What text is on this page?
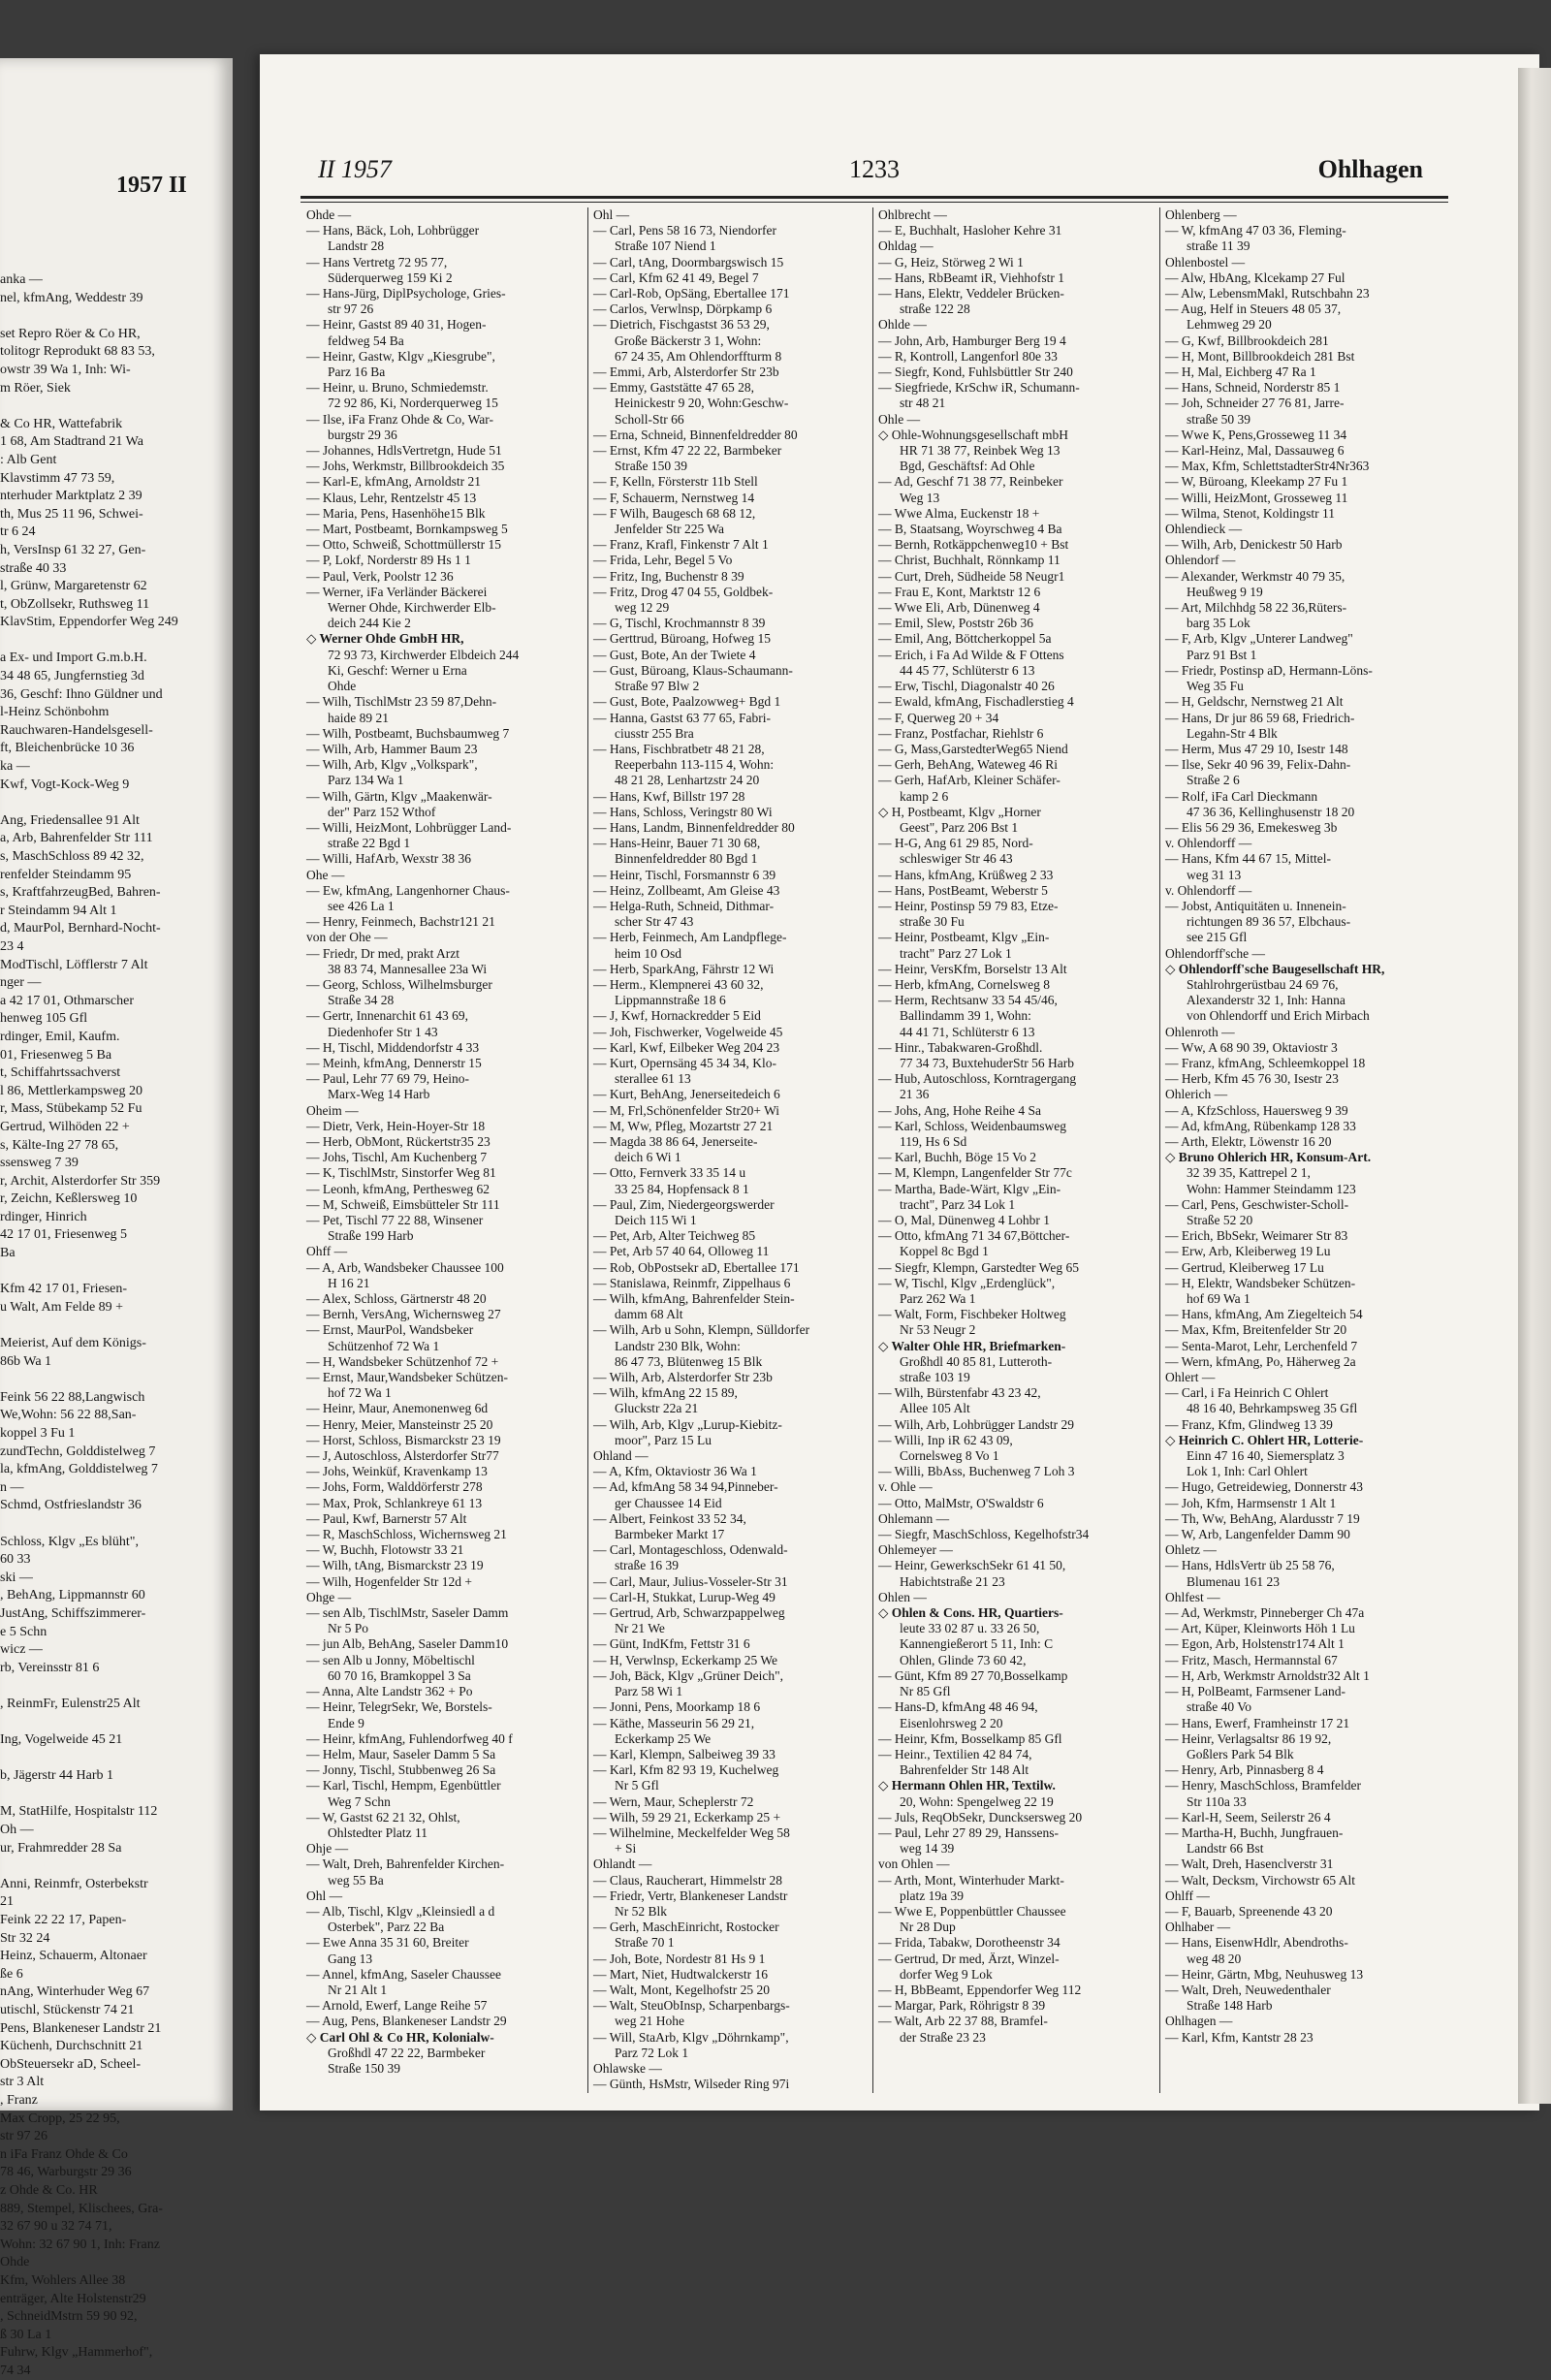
1957 II
anka —
nel, kfmAng, Weddestr 39

set Repro Röer & Co HR,
tolitogr Reprodukt 68 83 53,
owstr 39 Wa 1, Inh: Wi-
m Röer, Siek

& Co HR, Wattefabrik
1 68, Am Stadtrand 21 Wa
: Alb Gent
Klavstimm 47 73 59,
nterhuder Marktplatz 2 39
th, Mus 25 11 96, Schwei-
tr 6 24
h, VersInsp 61 32 27, Gen-
straße 40 33
l, Grünw, Margaretenstr 62
t, ObZollsekr, Ruthsweg 11
KlavStim, Eppendorfer Weg 249

a Ex- und Import G.m.b.H.
34 48 65, Jungfernstieg 3d
36, Geschf: Ihno Güldner und
l-Heinz Schönbohm
Rauchwaren-Handelsgesell-
ft, Bleichenbrücke 10 36
ka —
Kwf, Vogt-Kock-Weg 9

Ang, Friedensallee 91 Alt
a, Arb, Bahrenfelder Str 111
s, MaschSchloss 89 42 32,
renfelder Steindamm 95
s, KraftfahrzeugBed, Bahren-
r Steindamm 94 Alt 1
d, MaurPol, Bernhard-Nocht-
23 4
ModTischl, Löfflerstr 7 Alt
nger —
a 42 17 01, Othmarscher
henweg 105 Gfl
rdinger, Emil, Kaufm.
01, Friesenweg 5 Ba
t, Schiffahrtssachverst
l 86, Mettlerkampsweg 20
r, Mass, Stübekamp 52 Fu
Gertrud, Wilhöden 22 +
s, Kälte-Ing 27 78 65,
ssensweg 7 39
r, Archit, Alsterdorfer Str 359
r, Zeichn, Keßlersweg 10
rdinger, Hinrich
42 17 01, Friesenweg 5
Ba

Kfm 42 17 01, Friesen-
u Walt, Am Felde 89 +

Meierist, Auf dem Königs-
86b Wa 1

Feink 56 22 88,Langwisch
We,Wohn: 56 22 88,San-
koppel 3 Fu 1
zundTechn, Golddistelweg 7
la, kfmAng, Golddistelweg 7
n —
Schmd, Ostfrieslandstr 36

Schloss, Klgv „Es blüht",
60 33
ski —
, BehAng, Lippmannstr 60
JustAng, Schiffszimmerer-
e 5 Schn
wicz —
rb, Vereinsstr 81 6

, ReinmFr, Eulenstr25 Alt

Ing, Vogelweide 45 21

b, Jägerstr 44 Harb 1

M, StatHilfe, Hospitalstr 112
Oh —
ur, Frahmredder 28 Sa

Anni, Reinmfr, Osterbekstr
21
Feink 22 22 17, Papen-
Str 32 24
Heinz, Schauerm, Altonaer
ße 6
nAng, Winterhuder Weg 67
utischl, Stückenstr 74 21
Pens, Blankeneser Landstr 21
Küchenh, Durchschnitt 21
ObSteuersekr aD, Scheel-
str 3 Alt
, Franz
Max Cropp, 25 22 95,
str 97 26
n iFa Franz Ohde & Co
78 46, Warburgstr 29 36
z Ohde & Co. HR
889, Stempel, Klischees, Gra-
32 67 90 u 32 74 71,
Wohn: 32 67 90 1, Inh: Franz
Ohde
Kfm, Wohlers Allee 38
enträger, Alte Holstenstr29
, SchneidMstrn 59 90 92,
ß 30 La 1
Fuhrw, Klgv „Hammerhof",
74 34
II 1957	1233	Ohlhagen
Ohde —
— Hans, Bäck, Loh, Lohbrügger
Landstr 28
— Hans Vertretg 72 95 77,
Süderquerweg 159 Ki 2
— Hans-Jürg, DiplPsychologe, Gries-
str 97 26
— Heinr, Gastst 89 40 31, Hogen-
feldweg 54 Ba
— Heinr, Gastw, Klgv „Kiesgrube",
Parz 16 Ba
— Heinr, u. Bruno, Schmiedemstr.
72 92 86, Ki, Norderquerweg 15
— Ilse, iFa Franz Ohde & Co, War-
burgstr 29 36
— Johannes, HdlsVertretgn, Hude 51
— Johs, Werkmstr, Billbrookdeich 35
— Karl-E, kfmAng, Arnoldstr 21
— Klaus, Lehr, Rentzelstr 45 13
— Maria, Pens, Hasenhöhe15 Blk
— Mart, Postbeamt, Bornkampsweg 5
— Otto, Schweiß, Schottmüllerstr 15
— P, Lokf, Norderstr 89 Hs 1 1
— Paul, Verk, Poolstr 12 36
— Werner, iFa Verländer Bäckerei
Werner Ohde, Kirchwerder Elb-
deich 244 Kie 2
◇ Werner Ohde GmbH HR,
72 93 73, Kirchwerder Elbdeich 244
Ki, Geschf: Werner u Erna
Ohde
— Wilh, TischlMstr 23 59 87,Dehn-
haide 89 21
— Wilh, Postbeamt, Buchsbaumweg 7
— Wilh, Arb, Hammer Baum 23
— Wilh, Arb, Klgv „Volkspark",
Parz 134 Wa 1
— Wilh, Gärtn, Klgv „Maakenwär-
der" Parz 152 Wthof
— Willi, HeizMont, Lohbrügger Land-
straße 22 Bgd 1
— Willi, HafArb, Wexstr 38 36
Ohe —
— Ew, kfmAng, Langenhorner Chaus-
see 426 La 1
— Henry, Feinmech, Bachstr121 21
von der Ohe —
— Friedr, Dr med, prakt Arzt
38 83 74, Mannesallee 23a Wi
— Georg, Schloss, Wilhelmsburger
Straße 34 28
— Gertr, Innenarchit 61 43 69,
Diedenhofer Str 1 43
— H, Tischl, Middendorfstr 4 33
— Meinh, kfmAng, Dennerstr 15
— Paul, Lehr 77 69 79, Heino-
Marx-Weg 14 Harb
Oheim —
— Dietr, Verk, Hein-Hoyer-Str 18
— Herb, ObMont, Rückertstr35 23
— Johs, Tischl, Am Kuchenberg 7
— K, TischlMstr, Sinstorfer Weg 81
— Leonh, kfmAng, Perthesweg 62
— M, Schweiß, Eimsbütteler Str 111
— Pet, Tischl 77 22 88, Winsener
Straße 199 Harb
Ohff —
— A, Arb, Wandsbeker Chaussee 100
H 16 21
— Alex, Schloss, Gärtnerstr 48 20
— Bernh, VersAng, Wichernsweg 27
— Ernst, MaurPol, Wandsbeker
Schützenhof 72 Wa 1
— H, Wandsbeker Schützenhof 72 +
— Ernst, Maur,Wandsbeker Schützen-
hof 72 Wa 1
— Heinr, Maur, Anemonenweg 6d
— Henry, Meier, Mansteinstr 25 20
— Horst, Schloss, Bismarckstr 23 19
— J, Autoschloss, Alsterdorfer Str77
— Johs, Weinküf, Kravenkamp 13
— Johs, Form, Walddörferstr 278
— Max, Prok, Schlankreye 61 13
— Paul, Kwf, Barnerstr 57 Alt
— R, MaschSchloss, Wichernsweg 21
— W, Buchh, Flotowstr 33 21
— Wilh, tAng, Bismarckstr 23 19
— Wilh, Hogenfelder Str 12d +
Ohge —
— sen Alb, TischlMstr, Saseler Damm
Nr 5 Po
— jun Alb, BehAng, Saseler Damm10
— sen Alb u Jonny, Möbeltischl
60 70 16, Bramkoppel 3 Sa
— Anna, Alte Landstr 362 + Po
— Heinr, TelegrSekr, We, Borstels-
Ende 9
— Heinr, kfmAng, Fuhlendorfweg 40 f
— Helm, Maur, Saseler Damm 5 Sa
— Jonny, Tischl, Stubbenweg 26 Sa
— Karl, Tischl, Hempm, Egenbüttler
Weg 7 Schn
— W, Gastst 62 21 32, Ohlst,
Ohlstedter Platz 11
Ohje —
— Walt, Dreh, Bahrenfelder Kirchen-
weg 55 Ba
Ohl —
— Alb, Tischl, Klgv „Kleinsiedl a d
Osterbek", Parz 22 Ba
— Ewe Anna 35 31 60, Breiter
Gang 13
— Annel, kfmAng, Saseler Chaussee
Nr 21 Alt 1
— Arnold, Ewerf, Lange Reihe 57
— Aug, Pens, Blankeneser Landstr 29
◇ Carl Ohl & Co HR, Kolonialw-
Großhdl 47 22 22, Barmbeker
Straße 150 39
Ohl —
— Carl, Pens 58 16 73, Niendorfer
Straße 107 Niend 1
— Carl, tAng, Doormbargswisch 15
— Carl, Kfm 62 41 49, Begel 7
— Carl-Rob, OpSäng, Ebertallee 171
— Carlos, Verwlnsp, Dörpkamp 6
— Dietrich, Fischgastst 36 53 29,
Große Bäckerstr 3 1, Wohn:
67 24 35, Am Ohlendorffturm 8
— Emmi, Arb, Alsterdorfer Str 23b
— Emmy, Gaststätte 47 65 28,
Heinickestr 9 20, Wohn:Geschw-
Scholl-Str 66
— Erna, Schneid, Binnenfeldredder 80
— Ernst, Kfm 47 22 22, Barmbeker
Straße 150 39
— F, Kelln, Försterstr 11b Stell
— F, Schauerm, Nernstweg 14
— F Wilh, Baugesch 68 68 12,
Jenfelder Str 225 Wa
— Franz, Krafl, Finkenstr 7 Alt 1
— Frida, Lehr, Begel 5 Vo
— Fritz, Ing, Buchenstr 8 39
— Fritz, Drog 47 04 55, Goldbek-
weg 12 29
— G, Tischl, Krochmannstr 8 39
— Gerttrud, Büroang, Hofweg 15
— Gust, Bote, An der Twiete 4
— Gust, Büroang, Klaus-Schaumann-
Straße 97 Blw 2
— Gust, Bote, Paalzowweg+ Bgd 1
— Hanna, Gastst 63 77 65, Fabri-
ciusstr 255 Bra
— Hans, Fischbratbetr 48 21 28,
Reeperbahn 113-115 4, Wohn:
48 21 28, Lenhartzstr 24 20
— Hans, Kwf, Billstr 197 28
— Hans, Schloss, Veringstr 80 Wi
— Hans, Landm, Binnenfeldredder 80
— Hans-Heinr, Bauer 71 30 68,
Binnenfeldredder 80 Bgd 1
— Heinr, Tischl, Forsmannstr 6 39
— Heinz, Zollbeamt, Am Gleise 43
— Helga-Ruth, Schneid, Dithmar-
scher Str 47 43
— Herb, Feinmech, Am Landpflege-
heim 10 Osd
— Herb, SparkAng, Fährstr 12 Wi
— Herm., Klempnerei 43 60 32,
Lippmannstraße 18 6
— J, Kwf, Hornackredder 5 Eid
— Joh, Fischwerker, Vogelweide 45
— Karl, Kwf, Eilbeker Weg 204 23
— Kurt, Opernsäng 45 34 34, Klo-
sterallee 61 13
— Kurt, BehAng, Jenerseitedeich 6
— M, Frl,Schönenfelder Str20+ Wi
— M, Ww, Pfleg, Mozartstr 27 21
— Magda 38 86 64, Jenerseite-
deich 6 Wi 1
— Otto, Fernverk 33 35 14 u
33 25 84, Hopfensack 8 1
— Paul, Zim, Niedergeorgswerder
Deich 115 Wi 1
— Pet, Arb, Alter Teichweg 85
— Pet, Arb 57 40 64, Olloweg 11
— Rob, ObPostsekr aD, Ebertallee 171
— Stanislawa, Reinmfr, Zippelhaus 6
— Wilh, kfmAng, Bahrenfelder Stein-
damm 68 Alt
— Wilh, Arb u Sohn, Klempn, Sülldorfer
Landstr 230 Blk, Wohn:
86 47 73, Blütenweg 15 Blk
— Wilh, Arb, Alsterdorfer Str 23b
— Wilh, kfmAng 22 15 89,
Gluckstr 22a 21
— Wilh, Arb, Klgv „Lurup-Kiebitz-
moor", Parz 15 Lu
Ohland —
— A, Kfm, Oktaviostr 36 Wa 1
— Ad, kfmAng 58 34 94,Pinneber-
ger Chaussee 14 Eid
— Albert, Feinkost 33 52 34,
Barmbeker Markt 17
— Carl, Montageschloss, Odenwald-
straße 16 39
— Carl, Maur, Julius-Vosseler-Str 31
— Carl-H, Stukkat, Lurup-Weg 49
— Gertrud, Arb, Schwarzpappelweg
Nr 21 We
— Günt, IndKfm, Fettstr 31 6
— H, Verwlnsp, Eckerkamp 25 We
— Joh, Bäck, Klgv „Grüner Deich",
Parz 58 Wi 1
— Jonni, Pens, Moorkamp 18 6
— Käthe, Masseurin 56 29 21,
Eckerkamp 25 We
— Karl, Klempn, Salbeiweg 39 33
— Karl, Kfm 82 93 19, Kuchelweg
Nr 5 Gfl
— Wern, Maur, Scheplerstr 72
— Wilh, 59 29 21, Eckerkamp 25 +
— Wilhelmine, Meckelfelder Weg 58
+ Si
Ohlandt —
— Claus, Raucherart, Himmelstr 28
— Friedr, Vertr, Blankeneser Landstr
Nr 52 Blk
— Gerh, MaschEinricht, Rostocker
Straße 70 1
— Joh, Bote, Nordestr 81 Hs 9 1
— Mart, Niet, Hudtwalckerstr 16
— Walt, Mont, Kegelhofstr 25 20
— Walt, SteuObInsp, Scharpenbargs-
weg 21 Hohe
— Will, StaArb, Klgv „Döhrnkamp",
Parz 72 Lok 1
Ohlawske —
— Günth, HsMstr, Wilseder Ring 97i
Ohlbrecht —
— E, Buchhalt, Hasloher Kehre 31
Ohldag —
— G, Heiz, Störweg 2 Wi 1
— Hans, RbBeamt iR, Viehhofstr 1
— Hans, Elektr, Veddeler Brücken-
straße 122 28
Ohlde —
— John, Arb, Hamburger Berg 19 4
— R, Kontroll, Langenforl 80e 33
— Siegfr, Kond, Fuhlsbüttler Str 240
— Siegfriede, KrSchw iR, Schumann-
str 48 21
Ohle —
◇ Ohle-Wohnungsgesellschaft mbH
HR 71 38 77, Reinbek Weg 13
Bgd, Geschäftsf: Ad Ohle
— Ad, Geschf 71 38 77, Reinbeker
Weg 13
— Wwe Alma, Euckenstr 18 +
— B, Staatsang, Woyrschweg 4 Ba
— Bernh, Rotkäppchenweg10 + Bst
— Christ, Buchhalt, Rönnkamp 11
— Curt, Dreh, Südheide 58 Neugr1
— Frau E, Kont, Marktstr 12 6
— Wwe Eli, Arb, Dünenweg 4
— Emil, Slew, Poststr 26b 36
— Emil, Ang, Böttcherkoppel 5a
— Erich, i Fa Ad Wilde & F Ottens
44 45 77, Schlüterstr 6 13
— Erw, Tischl, Diagonalstr 40 26
— Ewald, kfmAng, Fischadlerstieg 4
— F, Querweg 20 + 34
— Franz, Postfachar, Riehlstr 6
— G, Mass,GarstedterWeg65 Niend
— Gerh, BehAng, Wateweg 46 Ri
— Gerh, HafArb, Kleiner Schäfer-
kamp 2 6
◇ H, Postbeamt, Klgv „Horner
Geest", Parz 206 Bst 1
— H-G, Ang 61 29 85, Nord-
schleswiger Str 46 43
— Hans, kfmAng, Krüßweg 2 33
— Hans, PostBeamt, Weberstr 5
— Heinr, Postinsp 59 79 83, Etze-
straße 30 Fu
— Heinr, Postbeamt, Klgv „Ein-
tracht" Parz 27 Lok 1
— Heinr, VersKfm, Borselstr 13 Alt
— Herb, kfmAng, Cornelsweg 8
— Herm, Rechtsanw 33 54 45/46,
Ballindamm 39 1, Wohn:
44 41 71, Schlüterstr 6 13
— Hinr., Tabakwaren-Großhdl.
77 34 73, BuxtehuderStr 56 Harb
— Hub, Autoschloss, Korntragergang
21 36
— Johs, Ang, Hohe Reihe 4 Sa
— Karl, Schloss, Weidenbaumsweg
119, Hs 6 Sd
— Karl, Buchh, Böge 15 Vo 2
— M, Klempn, Langenfelder Str 77c
— Martha, Bade-Wärt, Klgv „Ein-
tracht", Parz 34 Lok 1
— O, Mal, Dünenweg 4 Lohbr 1
— Otto, kfmAng 71 34 67,Böttcher-
Koppel 8c Bgd 1
— Siegfr, Klempn, Garstedter Weg 65
— W, Tischl, Klgv „Erdenglück",
Parz 262 Wa 1
— Walt, Form, Fischbeker Holtweg
Nr 53 Neugr 2
◇ Walter Ohle HR, Briefmarken-
Großhdl 40 85 81, Lutteroth-
straße 103 19
— Wilh, Bürstenfabr 43 23 42,
Allee 105 Alt
— Wilh, Arb, Lohbrügger Landstr 29
— Willi, Inp iR 62 43 09,
Cornelsweg 8 Vo 1
— Willi, BbAss, Buchenweg 7 Loh 3
v. Ohle —
— Otto, MalMstr, O'Swaldstr 6
Ohlemann —
— Siegfr, MaschSchloss, Kegelhofstr34
Ohlemeyer —
— Heinr, GewerkschSekr 61 41 50,
Habichtstraße 21 23
Ohlen —
◇ Ohlen & Cons. HR, Quartiers-
leute 33 02 87 u. 33 26 50,
Kannengießerort 5 11, Inh: C
Ohlen, Glinde 73 60 42,
— Günt, Kfm 89 27 70,Bosselkamp
Nr 85 Gfl
— Hans-D, kfmAng 48 46 94,
Eisenlohrsweg 2 20
— Heinr, Kfm, Bosselkamp 85 Gfl
— Heinr., Textilien 42 84 74,
Bahrenfelder Str 148 Alt
◇ Hermann Ohlen HR, Textilw.
20, Wohn: Spengelweg 22 19
— Juls, ReqObSekr, Duncksersweg 20
— Paul, Lehr 27 89 29, Hanssens-
weg 14 39
von Ohlen —
— Arth, Mont, Winterhuder Markt-
platz 19a 39
— Wwe E, Poppenbüttler Chaussee
Nr 28 Dup
— Frida, Tabakw, Dorotheenstr 34
— Gertrud, Dr med, Ärzt, Winzel-
dorfer Weg 9 Lok
— H, BbBeamt, Eppendorfer Weg 112
— Margar, Park, Röhrigstr 8 39
— Walt, Arb 22 37 88, Bramfel-
der Straße 23 23
Ohlenberg —
— W, kfmAng 47 03 36, Fleming-
straße 11 39
Ohlenbostel —
— Alw, HbAng, Klcekamp 27 Ful
— Alw, LebensmMakl, Rutschbahn 23
— Aug, Helf in Steuers 48 05 37,
Lehmweg 29 20
— G, Kwf, Billbrookdeich 281
— H, Mont, Billbrookdeich 281 Bst
— H, Mal, Eichberg 47 Ra 1
— Hans, Schneid, Norderstr 85 1
— Joh, Schneider 27 76 81, Jarre-
straße 50 39
— Wwe K, Pens,Grosseweg 11 34
— Karl-Heinz, Mal, Dassauweg 6
— Max, Kfm, SchlettstadterStr4Nr363
— W, Büroang, Kleekamp 27 Fu 1
— Willi, HeizMont, Grosseweg 11
— Wilma, Stenot, Koldingstr 11
Ohlendieck —
— Wilh, Arb, Denickestr 50 Harb
Ohlendorf —
— Alexander, Werkmstr 40 79 35,
Heußweg 9 19
— Art, Milchhdg 58 22 36,Rüters-
barg 35 Lok
— F, Arb, Klgv „Unterer Landweg"
Parz 91 Bst 1
— Friedr, Postinsp aD, Hermann-Löns-
Weg 35 Fu
— H, Geldschr, Nernstweg 21 Alt
— Hans, Dr jur 86 59 68, Friedrich-
Legahn-Str 4 Blk
— Herm, Mus 47 29 10, Isestr 148
— Ilse, Sekr 40 96 39, Felix-Dahn-
Straße 2 6
— Rolf, iFa Carl Dieckmann
47 36 36, Kellinghusenstr 18 20
— Elis 56 29 36, Emekesweg 3b
v. Ohlendorff —
— Hans, Kfm 44 67 15, Mittel-
weg 31 13
v. Ohlendorff —
— Jobst, Antiquitäten u. Innenein-
richtungen 89 36 57, Elbchaus-
see 215 Gfl
Ohlendorff'sche —
◇ Ohlendorff'sche Baugesellschaft HR,
Stahlrohrgerüstbau 24 69 76,
Alexanderstr 32 1, Inh: Hanna
von Ohlendorff und Erich Mirbach
Ohlenroth —
— Ww, A 68 90 39, Oktaviostr 3
— Franz, kfmAng, Schleemkoppel 18
— Herb, Kfm 45 76 30, Isestr 23
Ohlerich —
— A, KfzSchloss, Hauersweg 9 39
— Ad, kfmAng, Rübenkamp 128 33
— Arth, Elektr, Löwenstr 16 20
◇ Bruno Ohlerich HR, Konsum-Art.
32 39 35, Kattrepel 2 1,
Wohn: Hammer Steindamm 123
— Carl, Pens, Geschwister-Scholl-
Straße 52 20
— Erich, BbSekr, Weimarer Str 83
— Erw, Arb, Kleiberweg 19 Lu
— Gertrud, Kleiberweg 17 Lu
— H, Elektr, Wandsbeker Schützen-
hof 69 Wa 1
— Hans, kfmAng, Am Ziegelteich 54
— Max, Kfm, Breitenfelder Str 20
— Senta-Marot, Lehr, Lerchenfeld 7
— Wern, kfmAng, Po, Häherweg 2a
Ohlert —
— Carl, i Fa Heinrich C Ohlert
48 16 40, Behrkampsweg 35 Gfl
— Franz, Kfm, Glindweg 13 39
◇ Heinrich C. Ohlert HR, Lotterie-
Einn 47 16 40, Siemersplatz 3
Lok 1, Inh: Carl Ohlert
— Hugo, Getreidewieg, Donnerstr 43
— Joh, Kfm, Harmsenstr 1 Alt 1
— Th, Ww, BehAng, Alardusstr 7 19
— W, Arb, Langenfelder Damm 90
Ohletz —
— Hans, HdlsVertr üb 25 58 76,
Blumenau 161 23
Ohlfest —
— Ad, Werkmstr, Pinneberger Ch 47a
— Art, Küper, Kleinworts Höh 1 Lu
— Egon, Arb, Holstenstr174 Alt 1
— Fritz, Masch, Hermannstal 67
— H, Arb, Werkmstr Arnoldstr32 Alt 1
— H, PolBeamt, Farmsener Land-
straße 40 Vo
— Hans, Ewerf, Framheinstr 17 21
— Heinr, Verlagsaltsr 86 19 92,
Goßlers Park 54 Blk
— Henry, Arb, Pinnasberg 8 4
— Henry, MaschSchloss, Bramfelder
Str 110a 33
— Karl-H, Seem, Seilerstr 26 4
— Martha-H, Buchh, Jungfrauen-
Landstr 66 Bst
— Walt, Dreh, Hasenclverstr 31
— Walt, Decksm, Virchowstr 65 Alt
Ohlff —
— F, Bauarb, Spreenende 43 20
Ohlhaber —
— Hans, EisenwHdlr, Abendroths-
weg 48 20
— Heinr, Gärtn, Mbg, Neuhusweg 13
— Walt, Dreh, Neuwedenthaler
Straße 148 Harb
Ohlhagen —
— Karl, Kfm, Kantstr 28 23
